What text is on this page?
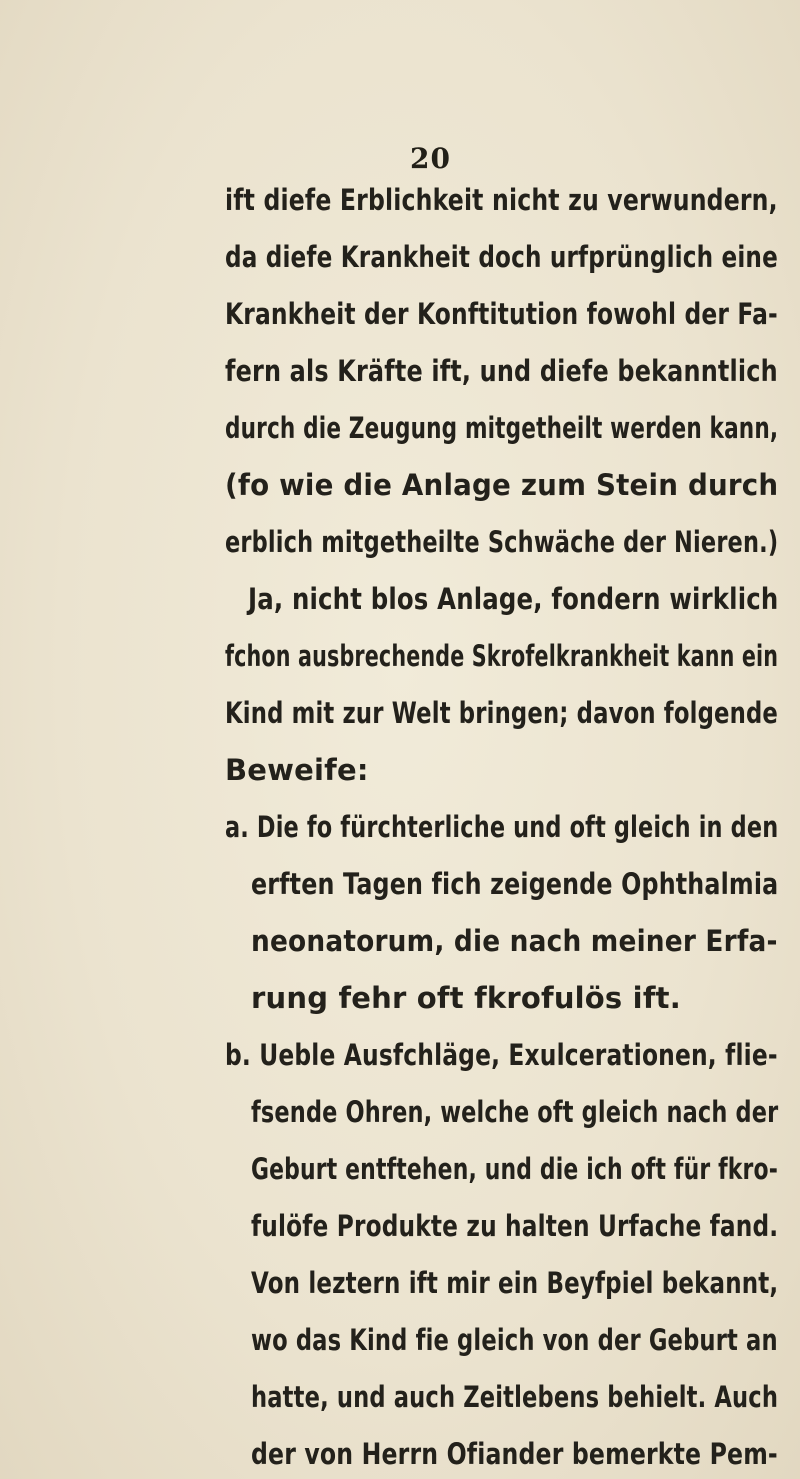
20
ift diefe Erblichkeit nicht zu verwundern,
da diefe Krankheit doch urfprünglich eine
Krankheit der Konftitution fowohl der Fa-
fern als Kräfte ift, und diefe bekanntlich
durch die Zeugung mitgetheilt werden kann,
(fo wie die Anlage zum Stein durch
erblich mitgetheilte Schwäche der Nieren.)
Ja, nicht blos Anlage, fondern wirklich
fchon ausbrechende Skrofelkrankheit kann ein
Kind mit zur Welt bringen; davon folgende
Beweife:
a. Die fo fürchterliche und oft gleich in den
erften Tagen fich zeigende Ophthalmia
neonatorum, die nach meiner Erfa-
rung fehr oft fkrofulös ift.
b. Ueble Ausfchläge, Exulcerationen, flie-
fsende Ohren, welche oft gleich nach der
Geburt entftehen, und die ich oft für fkro-
fulöfe Produkte zu halten Urfache fand.
Von leztern ift mir ein Beyfpiel bekannt,
wo das Kind fie gleich von der Geburt an
hatte, und auch Zeitlebens behielt. Auch
der von Herrn Ofiander bemerkte Pem-
